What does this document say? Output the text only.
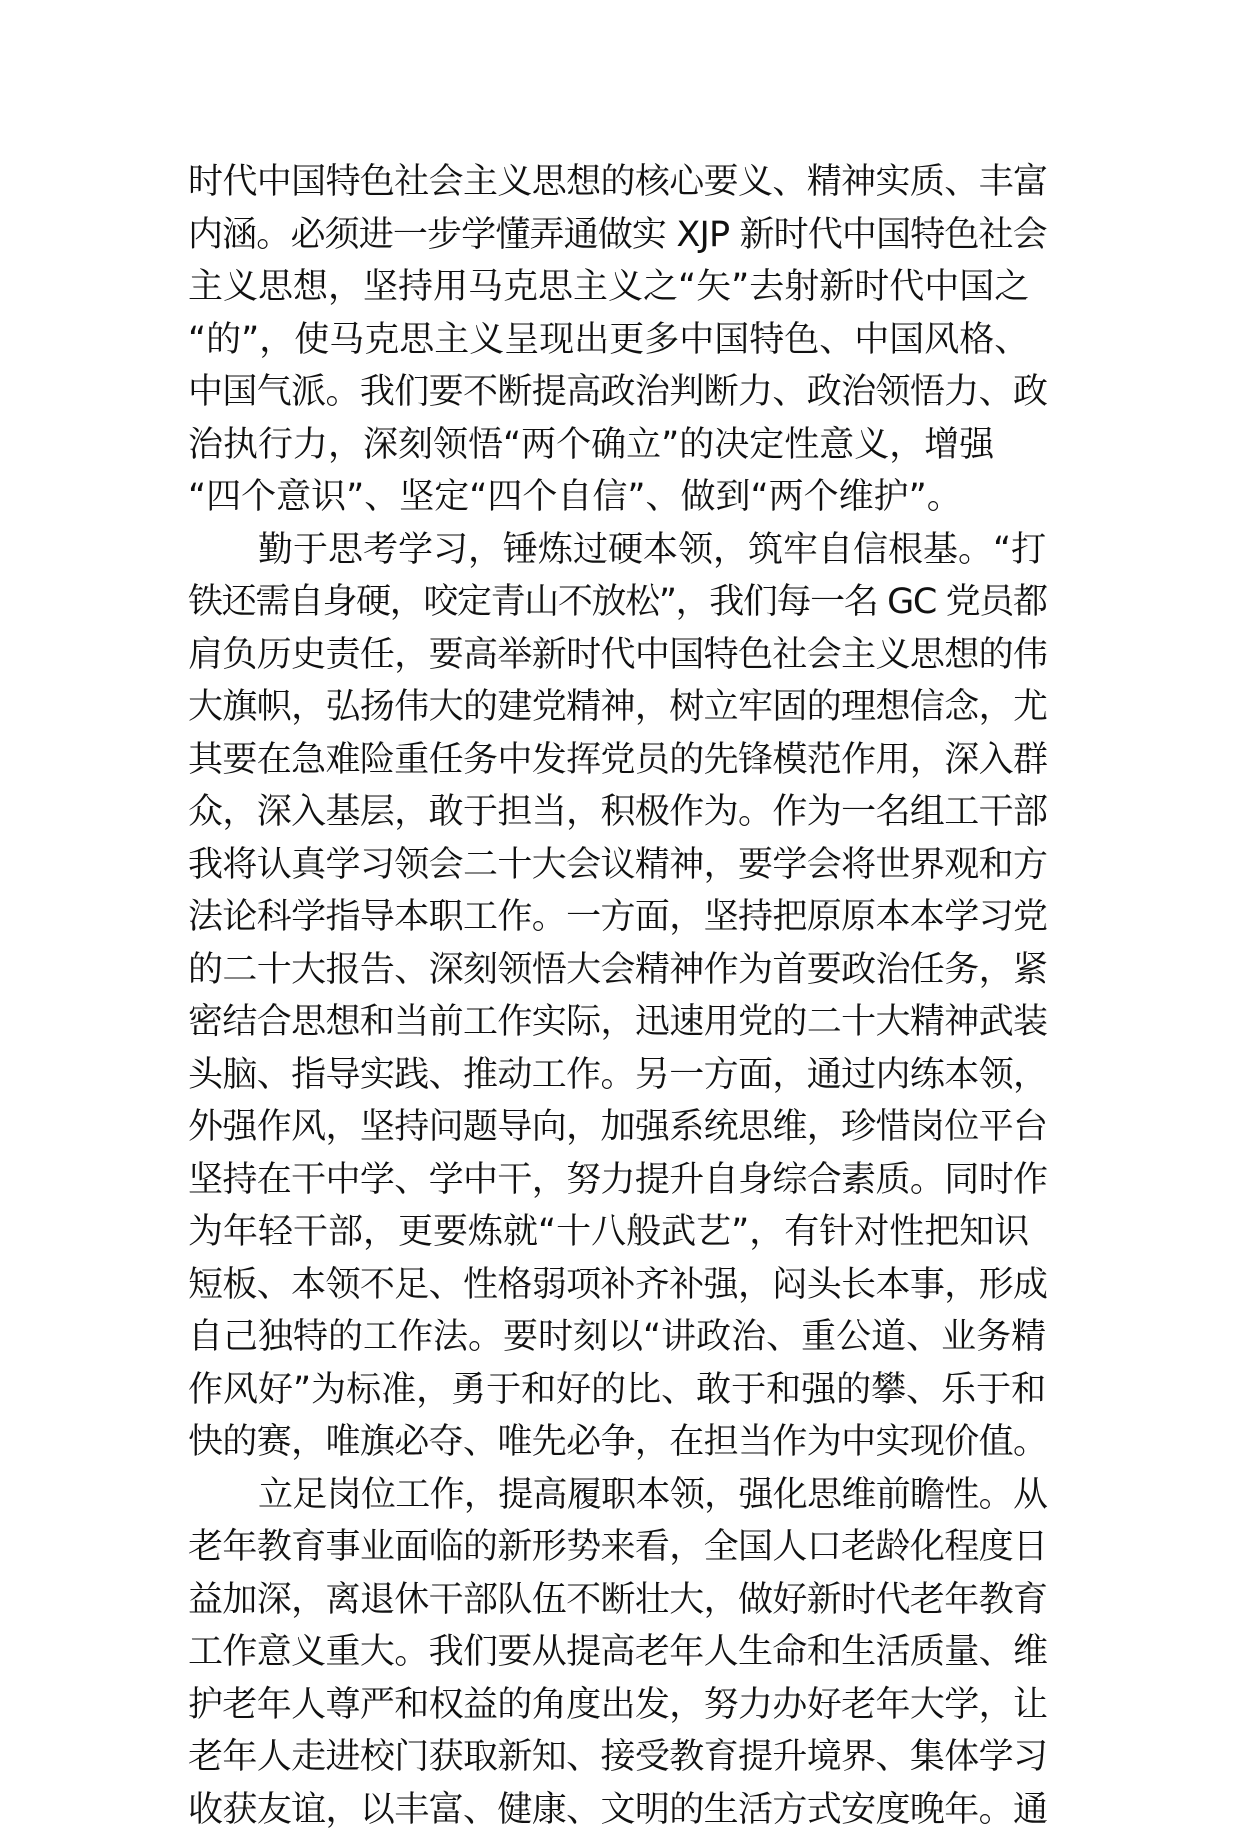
时代中国特色社会主义思想的核心要义、精神实质、丰富
内涵。必须进一步学懂弄通做实 XJP 新时代中国特色社会
主义思想，坚持用马克思主义之“矢”去射新时代中国之
“的”，使马克思主义呈现出更多中国特色、中国风格、
中国气派。我们要不断提高政治判断力、政治领悟力、政
治执行力，深刻领悟“两个确立”的决定性意义，增强
“四个意识”、坚定“四个自信”、做到“两个维护”。
勤于思考学习，锤炼过硬本领，筑牢自信根基。“打
铁还需自身硬，咬定青山不放松”，我们每一名 GC 党员都
肩负历史责任，要高举新时代中国特色社会主义思想的伟
大旗帜，弘扬伟大的建党精神，树立牢固的理想信念，尤
其要在急难险重任务中发挥党员的先锋模范作用，深入群
众，深入基层，敢于担当，积极作为。作为一名组工干部
我将认真学习领会二十大会议精神，要学会将世界观和方
法论科学指导本职工作。一方面，坚持把原原本本学习党
的二十大报告、深刻领悟大会精神作为首要政治任务，紧
密结合思想和当前工作实际，迅速用党的二十大精神武装
头脑、指导实践、推动工作。另一方面，通过内练本领，
外强作风，坚持问题导向，加强系统思维，珍惜岗位平台
坚持在干中学、学中干，努力提升自身综合素质。同时作
为年轻干部，更要炼就“十八般武艺”，有针对性把知识
短板、本领不足、性格弱项补齐补强，闷头长本事，形成
自己独特的工作法。要时刻以“讲政治、重公道、业务精
作风好”为标准，勇于和好的比、敢于和强的攀、乐于和
快的赛，唯旗必夺、唯先必争，在担当作为中实现价值。
立足岗位工作，提高履职本领，强化思维前瞻性。从
老年教育事业面临的新形势来看，全国人口老龄化程度日
益加深，离退休干部队伍不断壮大，做好新时代老年教育
工作意义重大。我们要从提高老年人生命和生活质量、维
护老年人尊严和权益的角度出发，努力办好老年大学，让
老年人走进校门获取新知、接受教育提升境界、集体学习
收获友谊，以丰富、健康、文明的生活方式安度晚年。通
